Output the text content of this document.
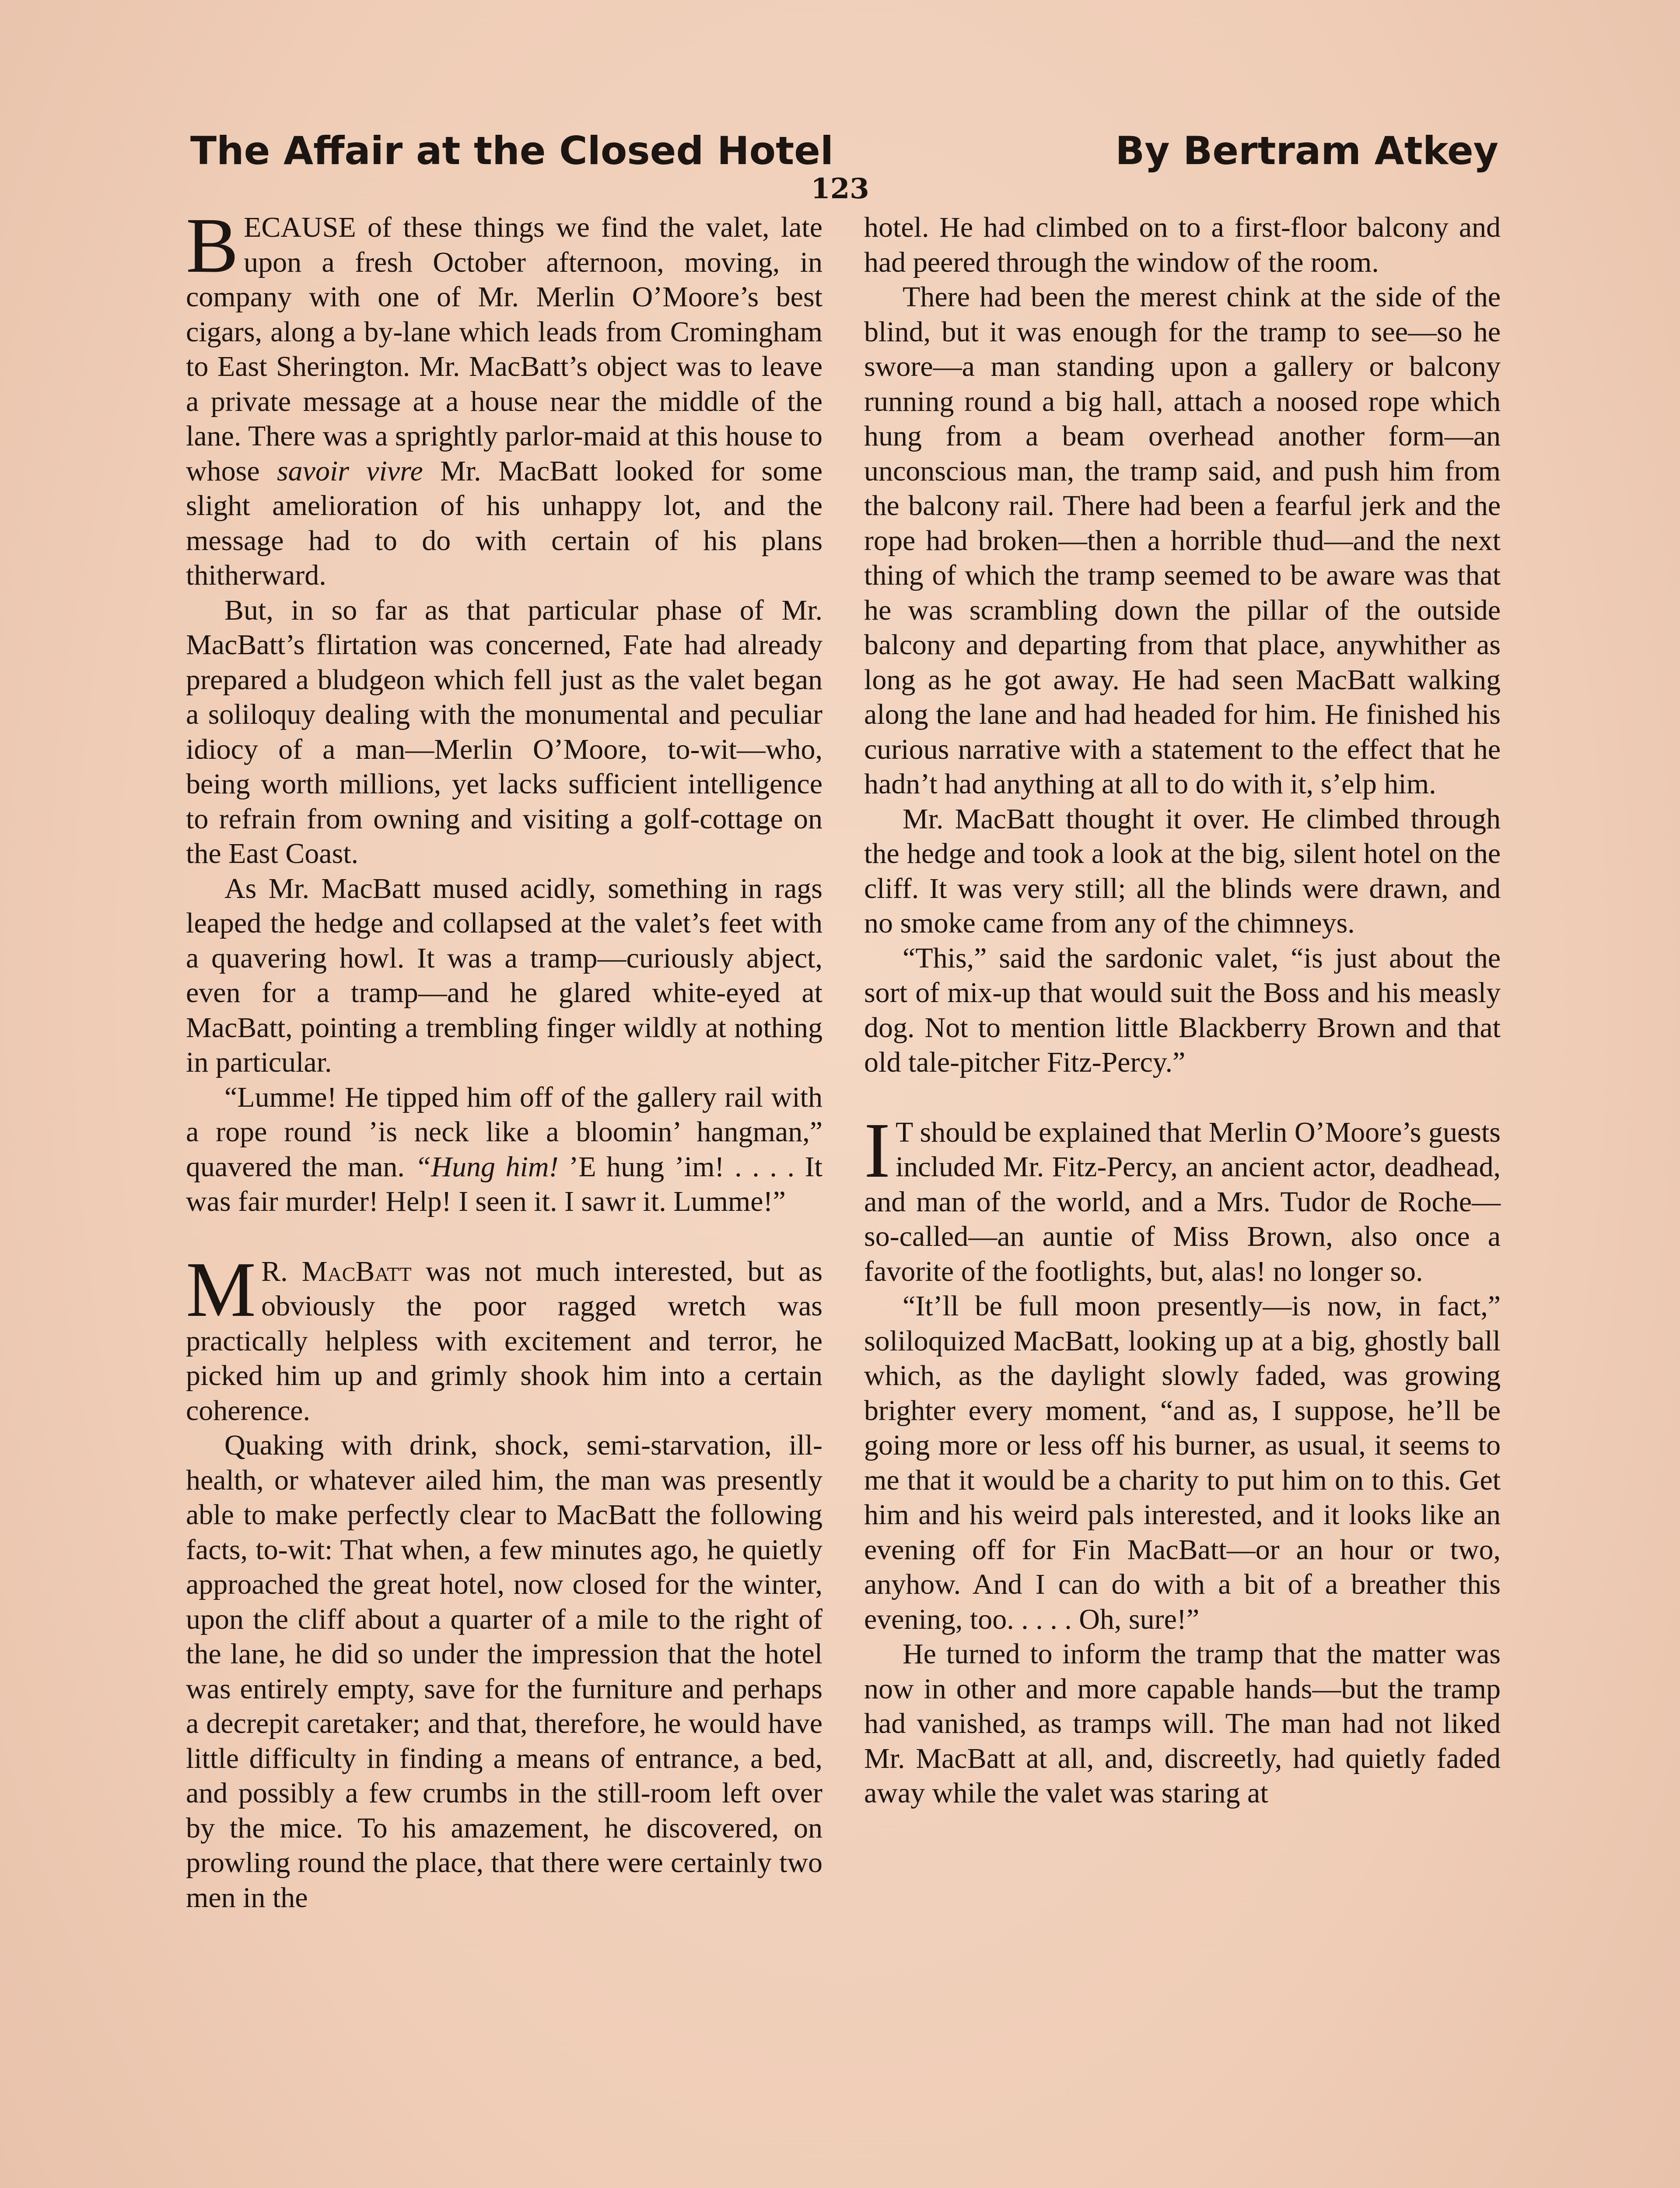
The Affair at the Closed Hotel	By Bertram Atkey
123

BECAUSE of these things we find the valet, late upon a fresh October afternoon, moving, in company with one of Mr. Merlin O’Moore’s best cigars, along a by-lane which leads from Cromingham to East Sherington. Mr. MacBatt’s object was to leave a private message at a house near the middle of the lane. There was a sprightly parlor-maid at this house to whose savoir vivre Mr. MacBatt looked for some slight amelioration of his unhappy lot, and the message had to do with certain of his plans thitherward.

But, in so far as that particular phase of Mr. MacBatt’s flirtation was concerned, Fate had already prepared a bludgeon which fell just as the valet began a soliloquy dealing with the monumental and peculiar idiocy of a man—Merlin O’Moore, to-wit—who, being worth millions, yet lacks sufficient intelligence to refrain from owning and visiting a golf-cottage on the East Coast.

As Mr. MacBatt mused acidly, something in rags leaped the hedge and collapsed at the valet’s feet with a quavering howl. It was a tramp—curiously abject, even for a tramp—and he glared white-eyed at MacBatt, pointing a trembling finger wildly at nothing in particular.

“Lumme! He tipped him off of the gallery rail with a rope round ’is neck like a bloomin’ hangman,” quavered the man. “Hung him! ’E hung ’im! . . . . It was fair murder! Help! I seen it. I sawr it. Lumme!”

M R. MacBatt was not much interested, but as obviously the poor ragged wretch was practically helpless with excitement and terror, he picked him up and grimly shook him into a certain coherence.

Quaking with drink, shock, semi-starvation, ill-health, or whatever ailed him, the man was presently able to make perfectly clear to MacBatt the following facts, to-wit: That when, a few minutes ago, he quietly approached the great hotel, now closed for the winter, upon the cliff about a quarter of a mile to the right of the lane, he did so under the impression that the hotel was entirely empty, save for the furniture and perhaps a decrepit caretaker; and that, therefore, he would have little difficulty in finding a means of entrance, a bed, and possibly a few crumbs in the still-room left over by the mice. To his amazement, he discovered, on prowling round the place, that there were certainly two men in the

hotel. He had climbed on to a first-floor balcony and had peered through the window of the room.

There had been the merest chink at the side of the blind, but it was enough for the tramp to see—so he swore—a man standing upon a gallery or balcony running round a big hall, attach a noosed rope which hung from a beam overhead another form—an unconscious man, the tramp said, and push him from the balcony rail. There had been a fearful jerk and the rope had broken—then a horrible thud—and the next thing of which the tramp seemed to be aware was that he was scrambling down the pillar of the outside balcony and departing from that place, anywhither as long as he got away. He had seen MacBatt walking along the lane and had headed for him. He finished his curious narrative with a statement to the effect that he hadn’t had anything at all to do with it, s’elp him.

Mr. MacBatt thought it over. He climbed through the hedge and took a look at the big, silent hotel on the cliff. It was very still; all the blinds were drawn, and no smoke came from any of the chimneys.

“This,” said the sardonic valet, “is just about the sort of mix-up that would suit the Boss and his measly dog. Not to mention little Blackberry Brown and that old tale-pitcher Fitz-Percy.”

I T should be explained that Merlin O’Moore’s guests included Mr. Fitz-Percy, an ancient actor, deadhead, and man of the world, and a Mrs. Tudor de Roche—so-called—an auntie of Miss Brown, also once a favorite of the footlights, but, alas! no longer so.

“It’ll be full moon presently—is now, in fact,” soliloquized MacBatt, looking up at a big, ghostly ball which, as the daylight slowly faded, was growing brighter every moment, “and as, I suppose, he’ll be going more or less off his burner, as usual, it seems to me that it would be a charity to put him on to this. Get him and his weird pals interested, and it looks like an evening off for Fin MacBatt—or an hour or two, anyhow. And I can do with a bit of a breather this evening, too. . . . . Oh, sure!”

He turned to inform the tramp that the matter was now in other and more capable hands—but the tramp had vanished, as tramps will. The man had not liked Mr. MacBatt at all, and, discreetly, had quietly faded away while the valet was staring at
